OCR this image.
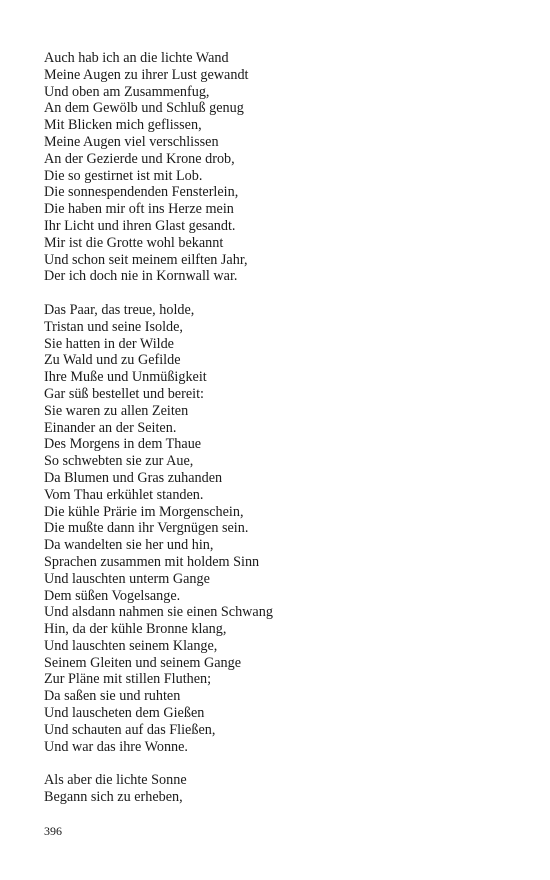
Auch hab ich an die lichte Wand
Meine Augen zu ihrer Lust gewandt
Und oben am Zusammenfug,
An dem Gewölb und Schluß genug
Mit Blicken mich geflissen,
Meine Augen viel verschlissen
An der Gezierde und Krone drob,
Die so gestirnet ist mit Lob.
Die sonnespendenden Fensterlein,
Die haben mir oft ins Herze mein
Ihr Licht und ihren Glast gesandt.
Mir ist die Grotte wohl bekannt
Und schon seit meinem eilften Jahr,
Der ich doch nie in Kornwall war.
Das Paar, das treue, holde,
Tristan und seine Isolde,
Sie hatten in der Wilde
Zu Wald und zu Gefilde
Ihre Muße und Unmüßigkeit
Gar süß bestellet und bereit:
Sie waren zu allen Zeiten
Einander an der Seiten.
Des Morgens in dem Thaue
So schwebten sie zur Aue,
Da Blumen und Gras zuhanden
Vom Thau erkühlet standen.
Die kühle Prärie im Morgenschein,
Die mußte dann ihr Vergnügen sein.
Da wandelten sie her und hin,
Sprachen zusammen mit holdem Sinn
Und lauschten unterm Gange
Dem süßen Vogelsange.
Und alsdann nahmen sie einen Schwang
Hin, da der kühle Bronne klang,
Und lauschten seinem Klange,
Seinem Gleiten und seinem Gange
Zur Pläne mit stillen Fluthen;
Da saßen sie und ruhten
Und lauscheten dem Gießen
Und schauten auf das Fließen,
Und war das ihre Wonne.
Als aber die lichte Sonne
Begann sich zu erheben,
396
